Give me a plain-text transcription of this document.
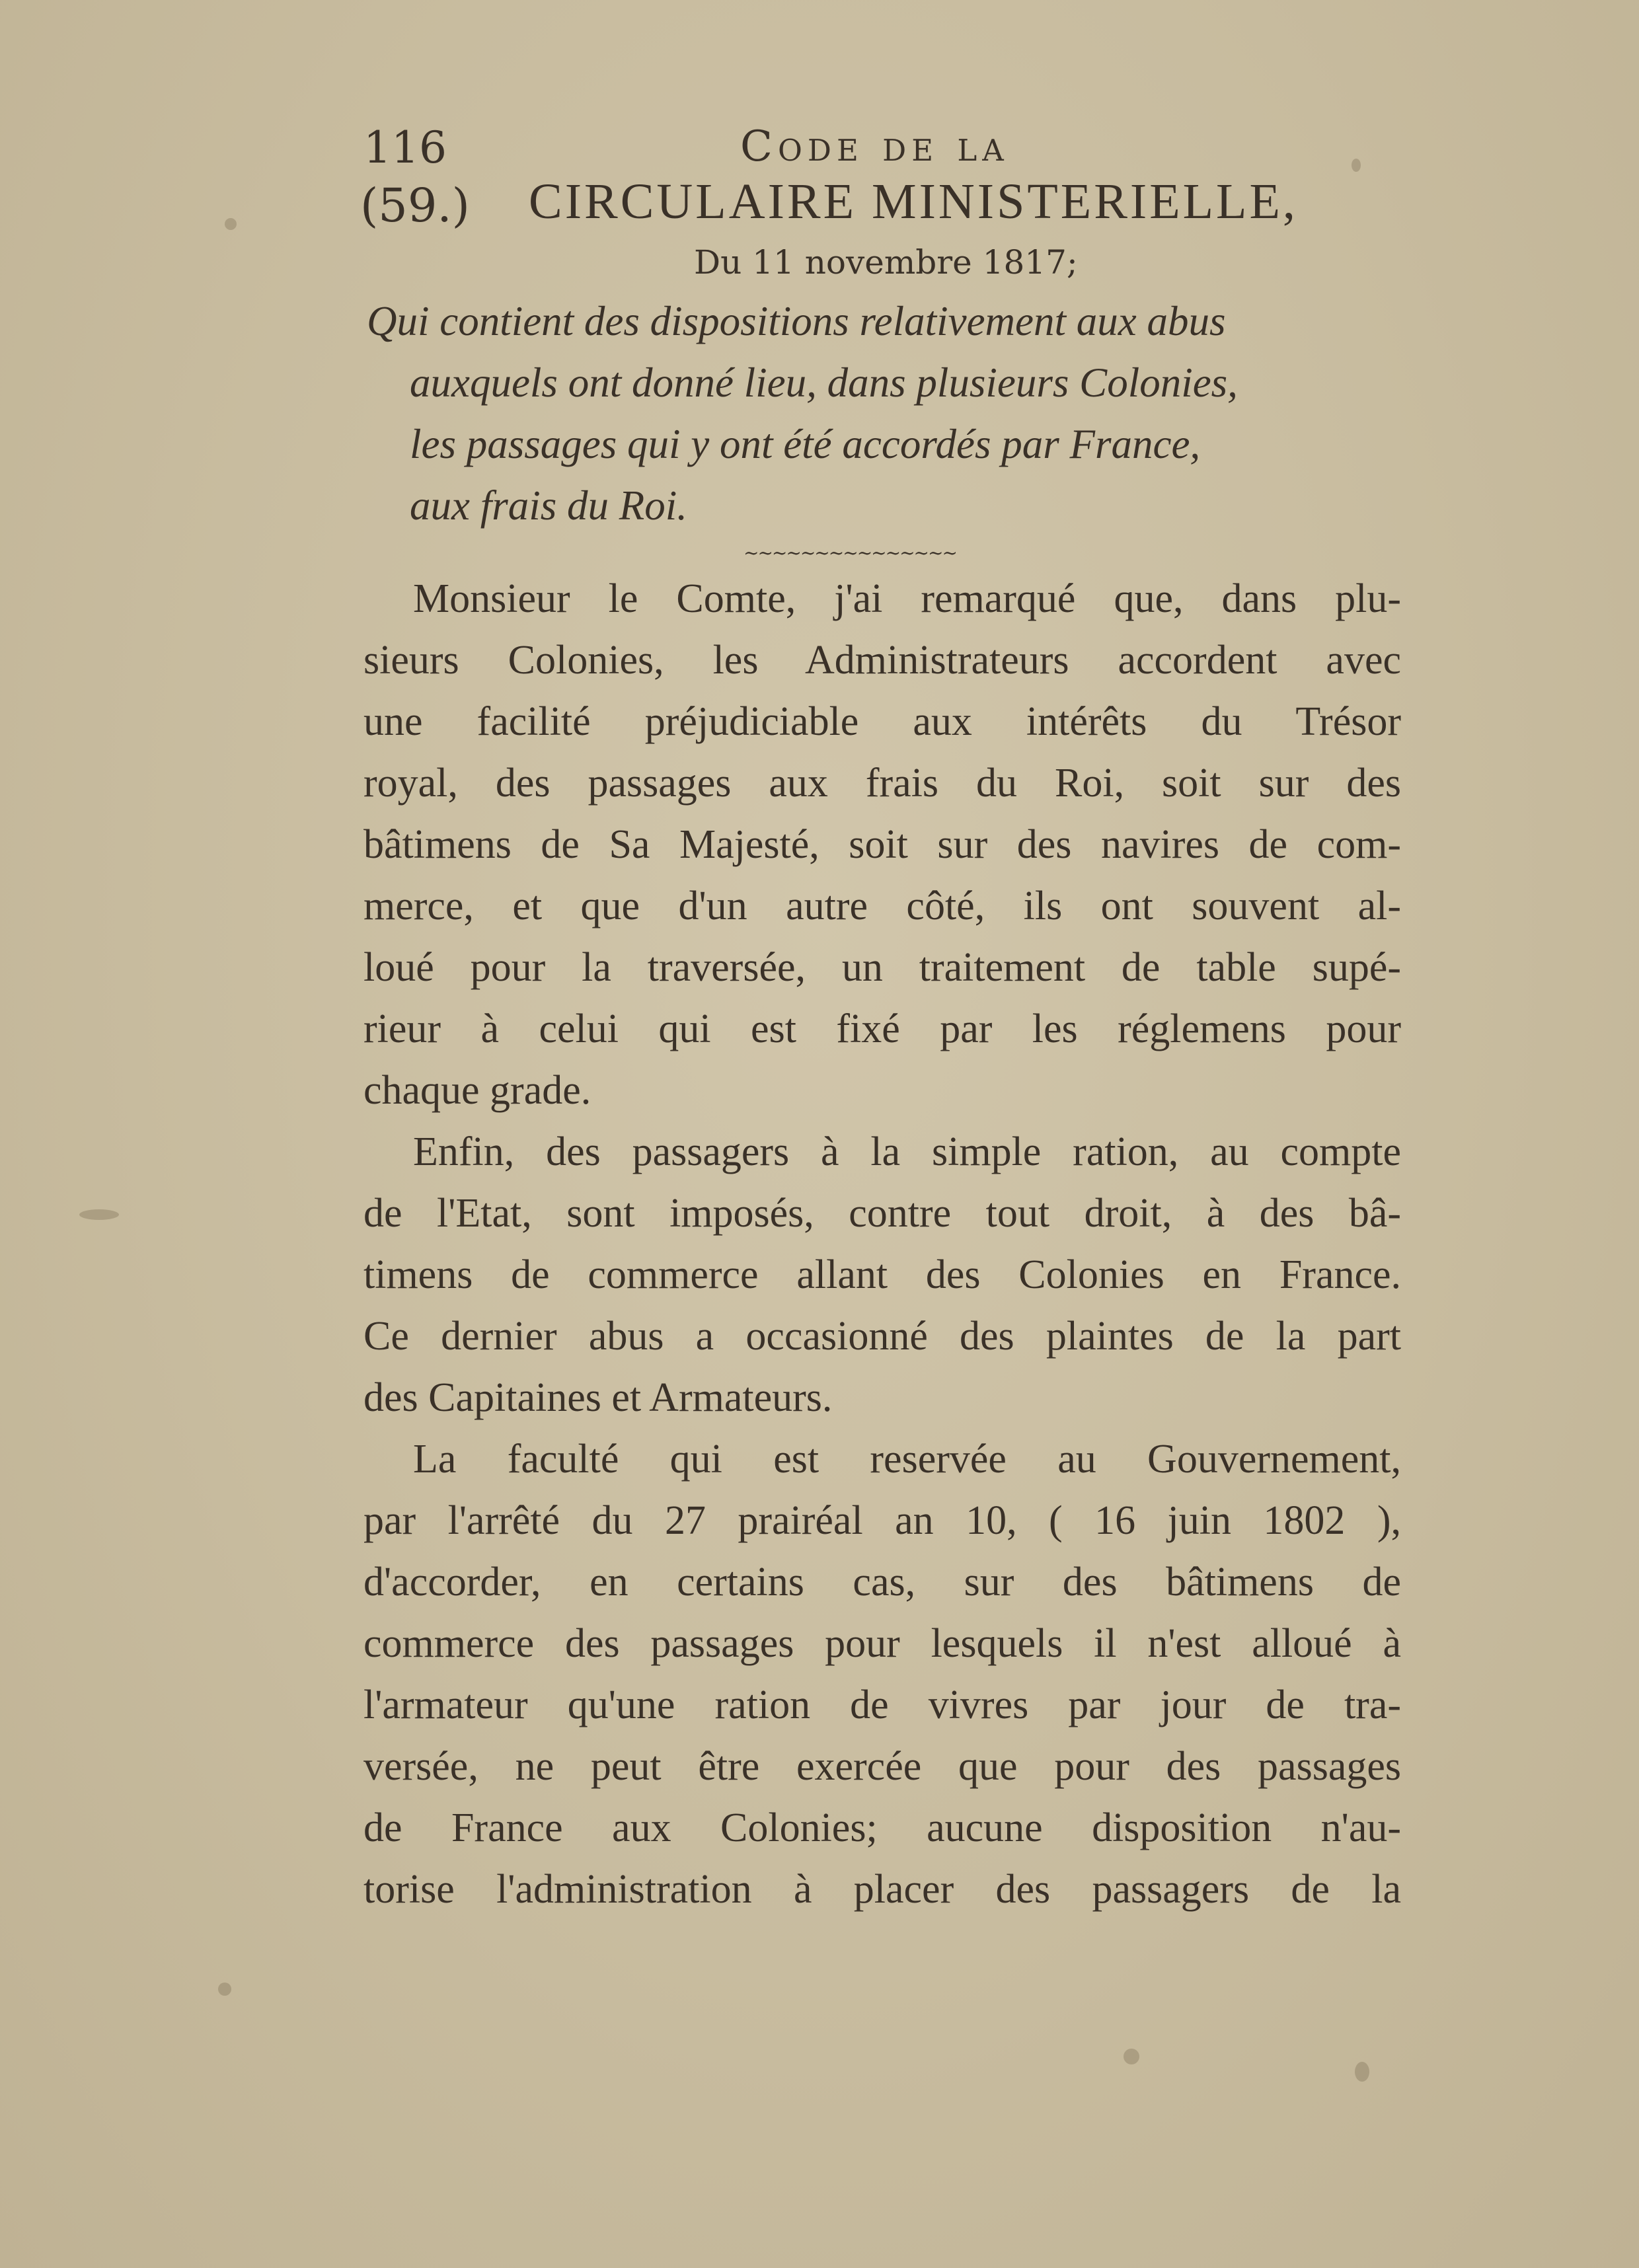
116	Code de la
(59.) CIRCULAIRE MINISTERIELLE,
Du 11 novembre 1817;
Qui contient des dispositions relativement aux abus
auxquels ont donné lieu, dans plusieurs Colonies,
les passages qui y ont été accordés par France,
aux frais du Roi.
~~~~~~~~~~~~~~~
Monsieur le Comte, j'ai remarqué que, dans plu-
sieurs Colonies, les Administrateurs accordent avec
une facilité préjudiciable aux intérêts du Trésor
royal, des passages aux frais du Roi, soit sur des
bâtimens de Sa Majesté, soit sur des navires de com-
merce, et que d'un autre côté, ils ont souvent al-
loué pour la traversée, un traitement de table supé-
rieur à celui qui est fixé par les réglemens pour
chaque grade.
Enfin, des passagers à la simple ration, au compte
de l'Etat, sont imposés, contre tout droit, à des bâ-
timens de commerce allant des Colonies en France.
Ce dernier abus a occasionné des plaintes de la part
des Capitaines et Armateurs.
La faculté qui est reservée au Gouvernement,
par l'arrêté du 27 prairéal an 10, ( 16 juin 1802 ),
d'accorder, en certains cas, sur des bâtimens de
commerce des passages pour lesquels il n'est alloué à
l'armateur qu'une ration de vivres par jour de tra-
versée, ne peut être exercée que pour des passages
de France aux Colonies; aucune disposition n'au-
torise l'administration à placer des passagers de la
